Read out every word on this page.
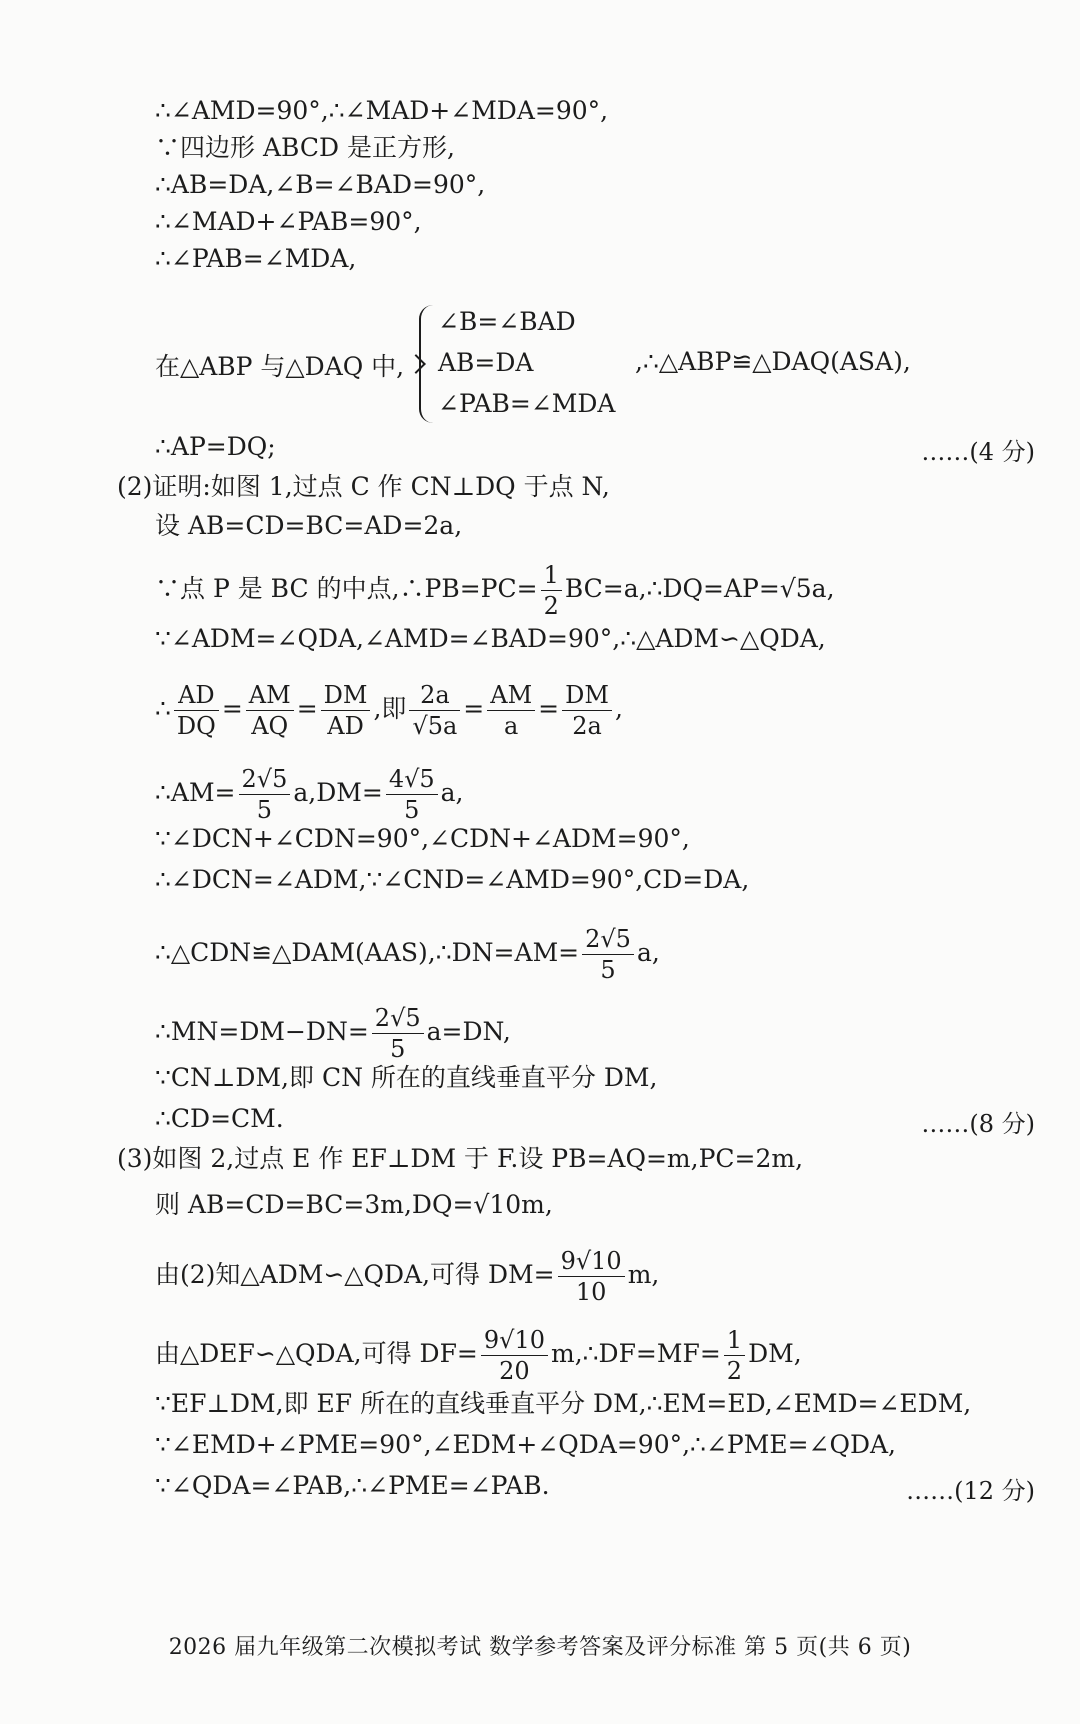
∴∠AMD=90°,∴∠MAD+∠MDA=90°,
∵四边形 ABCD 是正方形,
∴AB=DA,∠B=∠BAD=90°,
∴∠MAD+∠PAB=90°,
∴∠PAB=∠MDA,
在△ABP 与△DAQ 中,
∠B=∠BAD
AB=DA
∠PAB=∠MDA
,∴△ABP≌△DAQ(ASA),
∴AP=DQ;	……(4 分)
(2)证明:如图 1,过点 C 作 CN⊥DQ 于点 N,
设 AB=CD=BC=AD=2a,
∵点 P 是 BC 的中点,∴PB=PC= $\frac{1}{2}$ BC=a,∴DQ=AP=√5a,
∵∠ADM=∠QDA,∠AMD=∠BAD=90°,∴△ADM∽△QDA,
∴ $\frac{AD}{DQ} = \frac{AM}{AQ} = \frac{DM}{AD}$ ,即 $\frac{2a}{√5a} = \frac{AM}{a} = \frac{DM}{2a}$ ,
∴AM= $\frac{2√5}{5} a,DM= \frac{4√5}{5} a$,
∵∠DCN+∠CDN=90°,∠CDN+∠ADM=90°,
∴∠DCN=∠ADM,∵∠CND=∠AMD=90°,CD=DA,
∴△CDN≌△DAM(AAS),∴DN=AM= $\frac{2√5}{5} a$,
∴MN=DM−DN= $\frac{2√5}{5} a=DN$,
∵CN⊥DM,即 CN 所在的直线垂直平分 DM,
∴CD=CM.	……(8 分)
(3)如图 2,过点 E 作 EF⊥DM 于 F.设 PB=AQ=m,PC=2m,
则 AB=CD=BC=3m,DQ=√10m,
由(2)知△ADM∽△QDA,可得 $DM= \frac{9√10}{10} m$,
由△DEF∽△QDA,可得 $DF= \frac{9√10}{20}$ m,∴DF=MF= $\frac{1}{2}$ DM,
∵EF⊥DM,即 EF 所在的直线垂直平分 DM,∴EM=ED,∠EMD=∠EDM,
∵∠EMD+∠PME=90°,∠EDM+∠QDA=90°,∴∠PME=∠QDA,
∵∠QDA=∠PAB,∴∠PME=∠PAB.	……(12 分)
2026 届九年级第二次模拟考试 数学参考答案及评分标准 第 5 页(共 6 页)
